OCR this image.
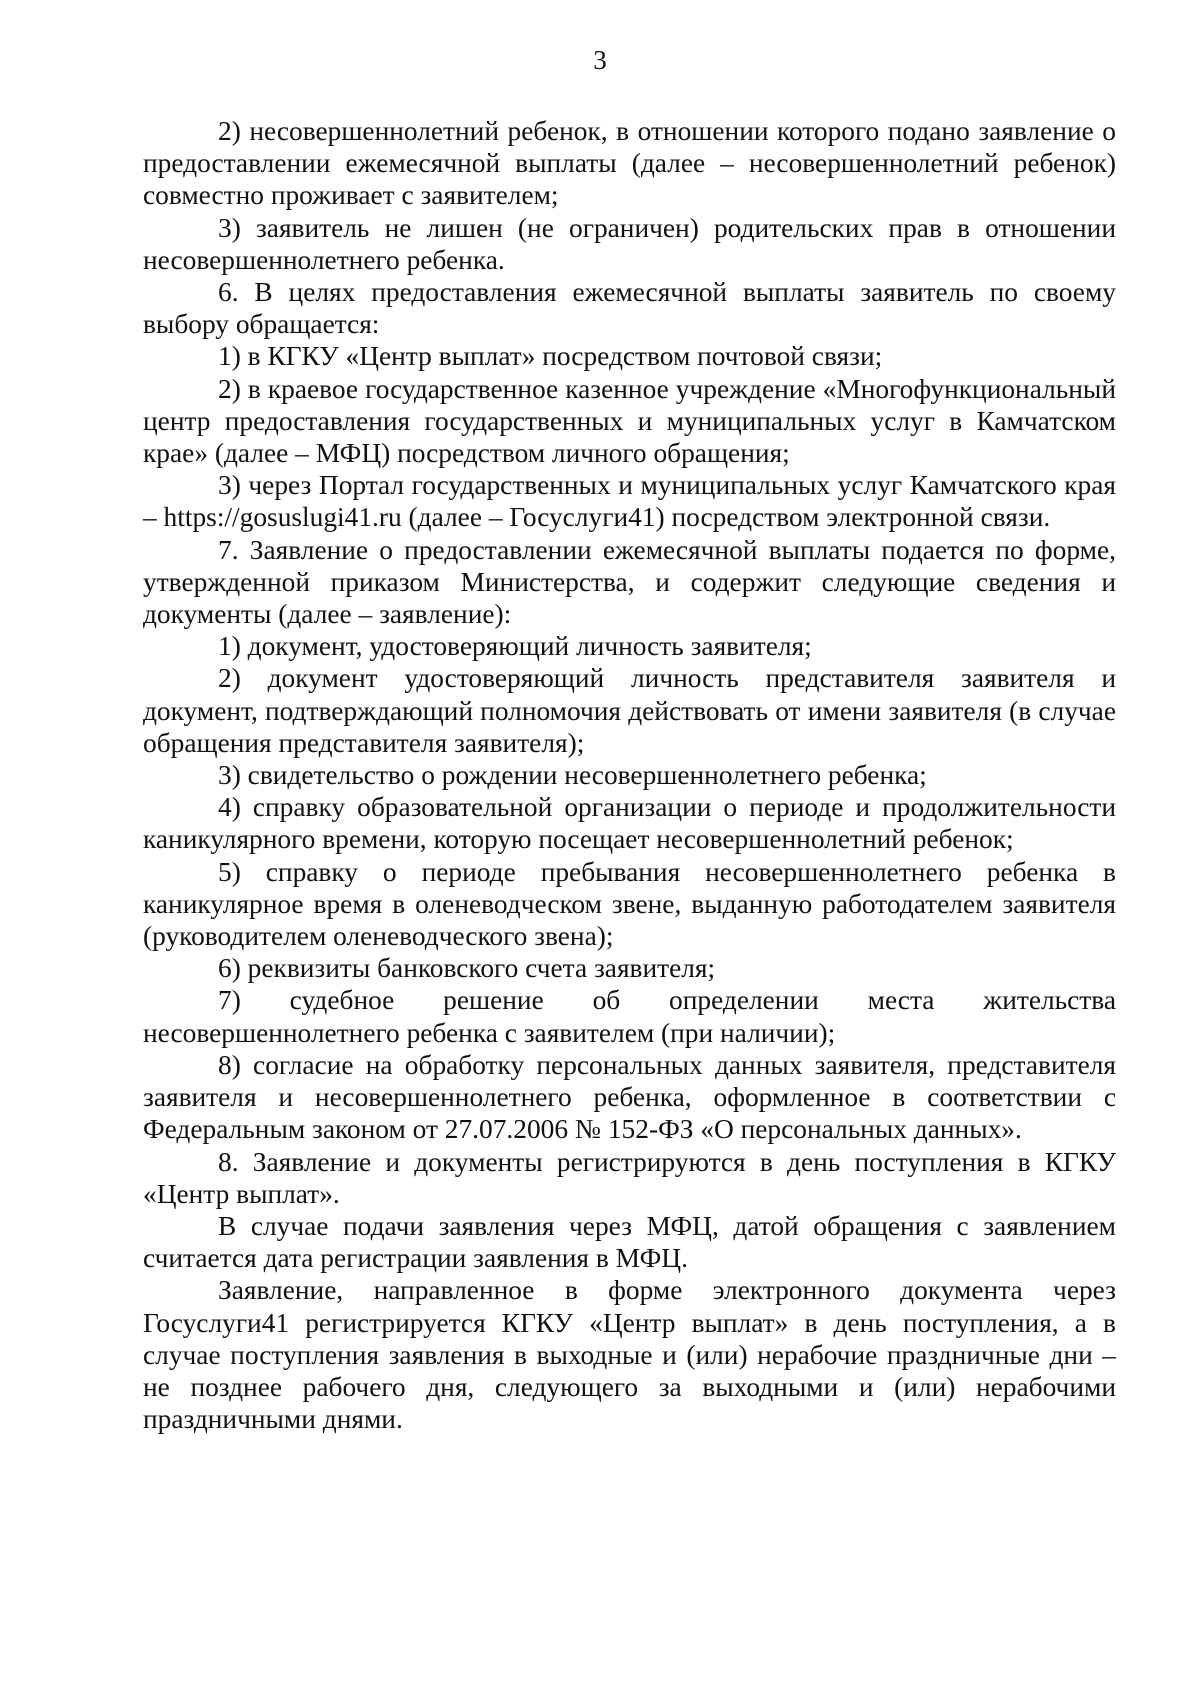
3

2) несовершеннолетний ребенок, в отношении которого подано заявление о предоставлении ежемесячной выплаты (далее – несовершеннолетний ребенок) совместно проживает с заявителем;

3) заявитель не лишен (не ограничен) родительских прав в отношении несовершеннолетнего ребенка.

6. В целях предоставления ежемесячной выплаты заявитель по своему выбору обращается:

1) в КГКУ «Центр выплат» посредством почтовой связи;

2) в краевое государственное казенное учреждение «Многофункциональный центр предоставления государственных и муниципальных услуг в Камчатском крае» (далее – МФЦ) посредством личного обращения;

3) через Портал государственных и муниципальных услуг Камчатского края – https://gosuslugi41.ru (далее – Госуслуги41) посредством электронной связи.

7. Заявление о предоставлении ежемесячной выплаты подается по форме, утвержденной приказом Министерства, и содержит следующие сведения и документы (далее – заявление):

1) документ, удостоверяющий личность заявителя;

2) документ удостоверяющий личность представителя заявителя и документ, подтверждающий полномочия действовать от имени заявителя (в случае обращения представителя заявителя);

3) свидетельство о рождении несовершеннолетнего ребенка;

4) справку образовательной организации о периоде и продолжительности каникулярного времени, которую посещает несовершеннолетний ребенок;

5) справку о периоде пребывания несовершеннолетнего ребенка в каникулярное время в оленеводческом звене, выданную работодателем заявителя (руководителем оленеводческого звена);

6) реквизиты банковского счета заявителя;

7) судебное решение об определении места жительства несовершеннолетнего ребенка с заявителем (при наличии);

8) согласие на обработку персональных данных заявителя, представителя заявителя и несовершеннолетнего ребенка, оформленное в соответствии с Федеральным законом от 27.07.2006 № 152-ФЗ «О персональных данных».

8. Заявление и документы регистрируются в день поступления в КГКУ «Центр выплат».

В случае подачи заявления через МФЦ, датой обращения с заявлением считается дата регистрации заявления в МФЦ.

Заявление, направленное в форме электронного документа через Госуслуги41 регистрируется КГКУ «Центр выплат» в день поступления, а в случае поступления заявления в выходные и (или) нерабочие праздничные дни – не позднее рабочего дня, следующего за выходными и (или) нерабочими праздничными днями.
